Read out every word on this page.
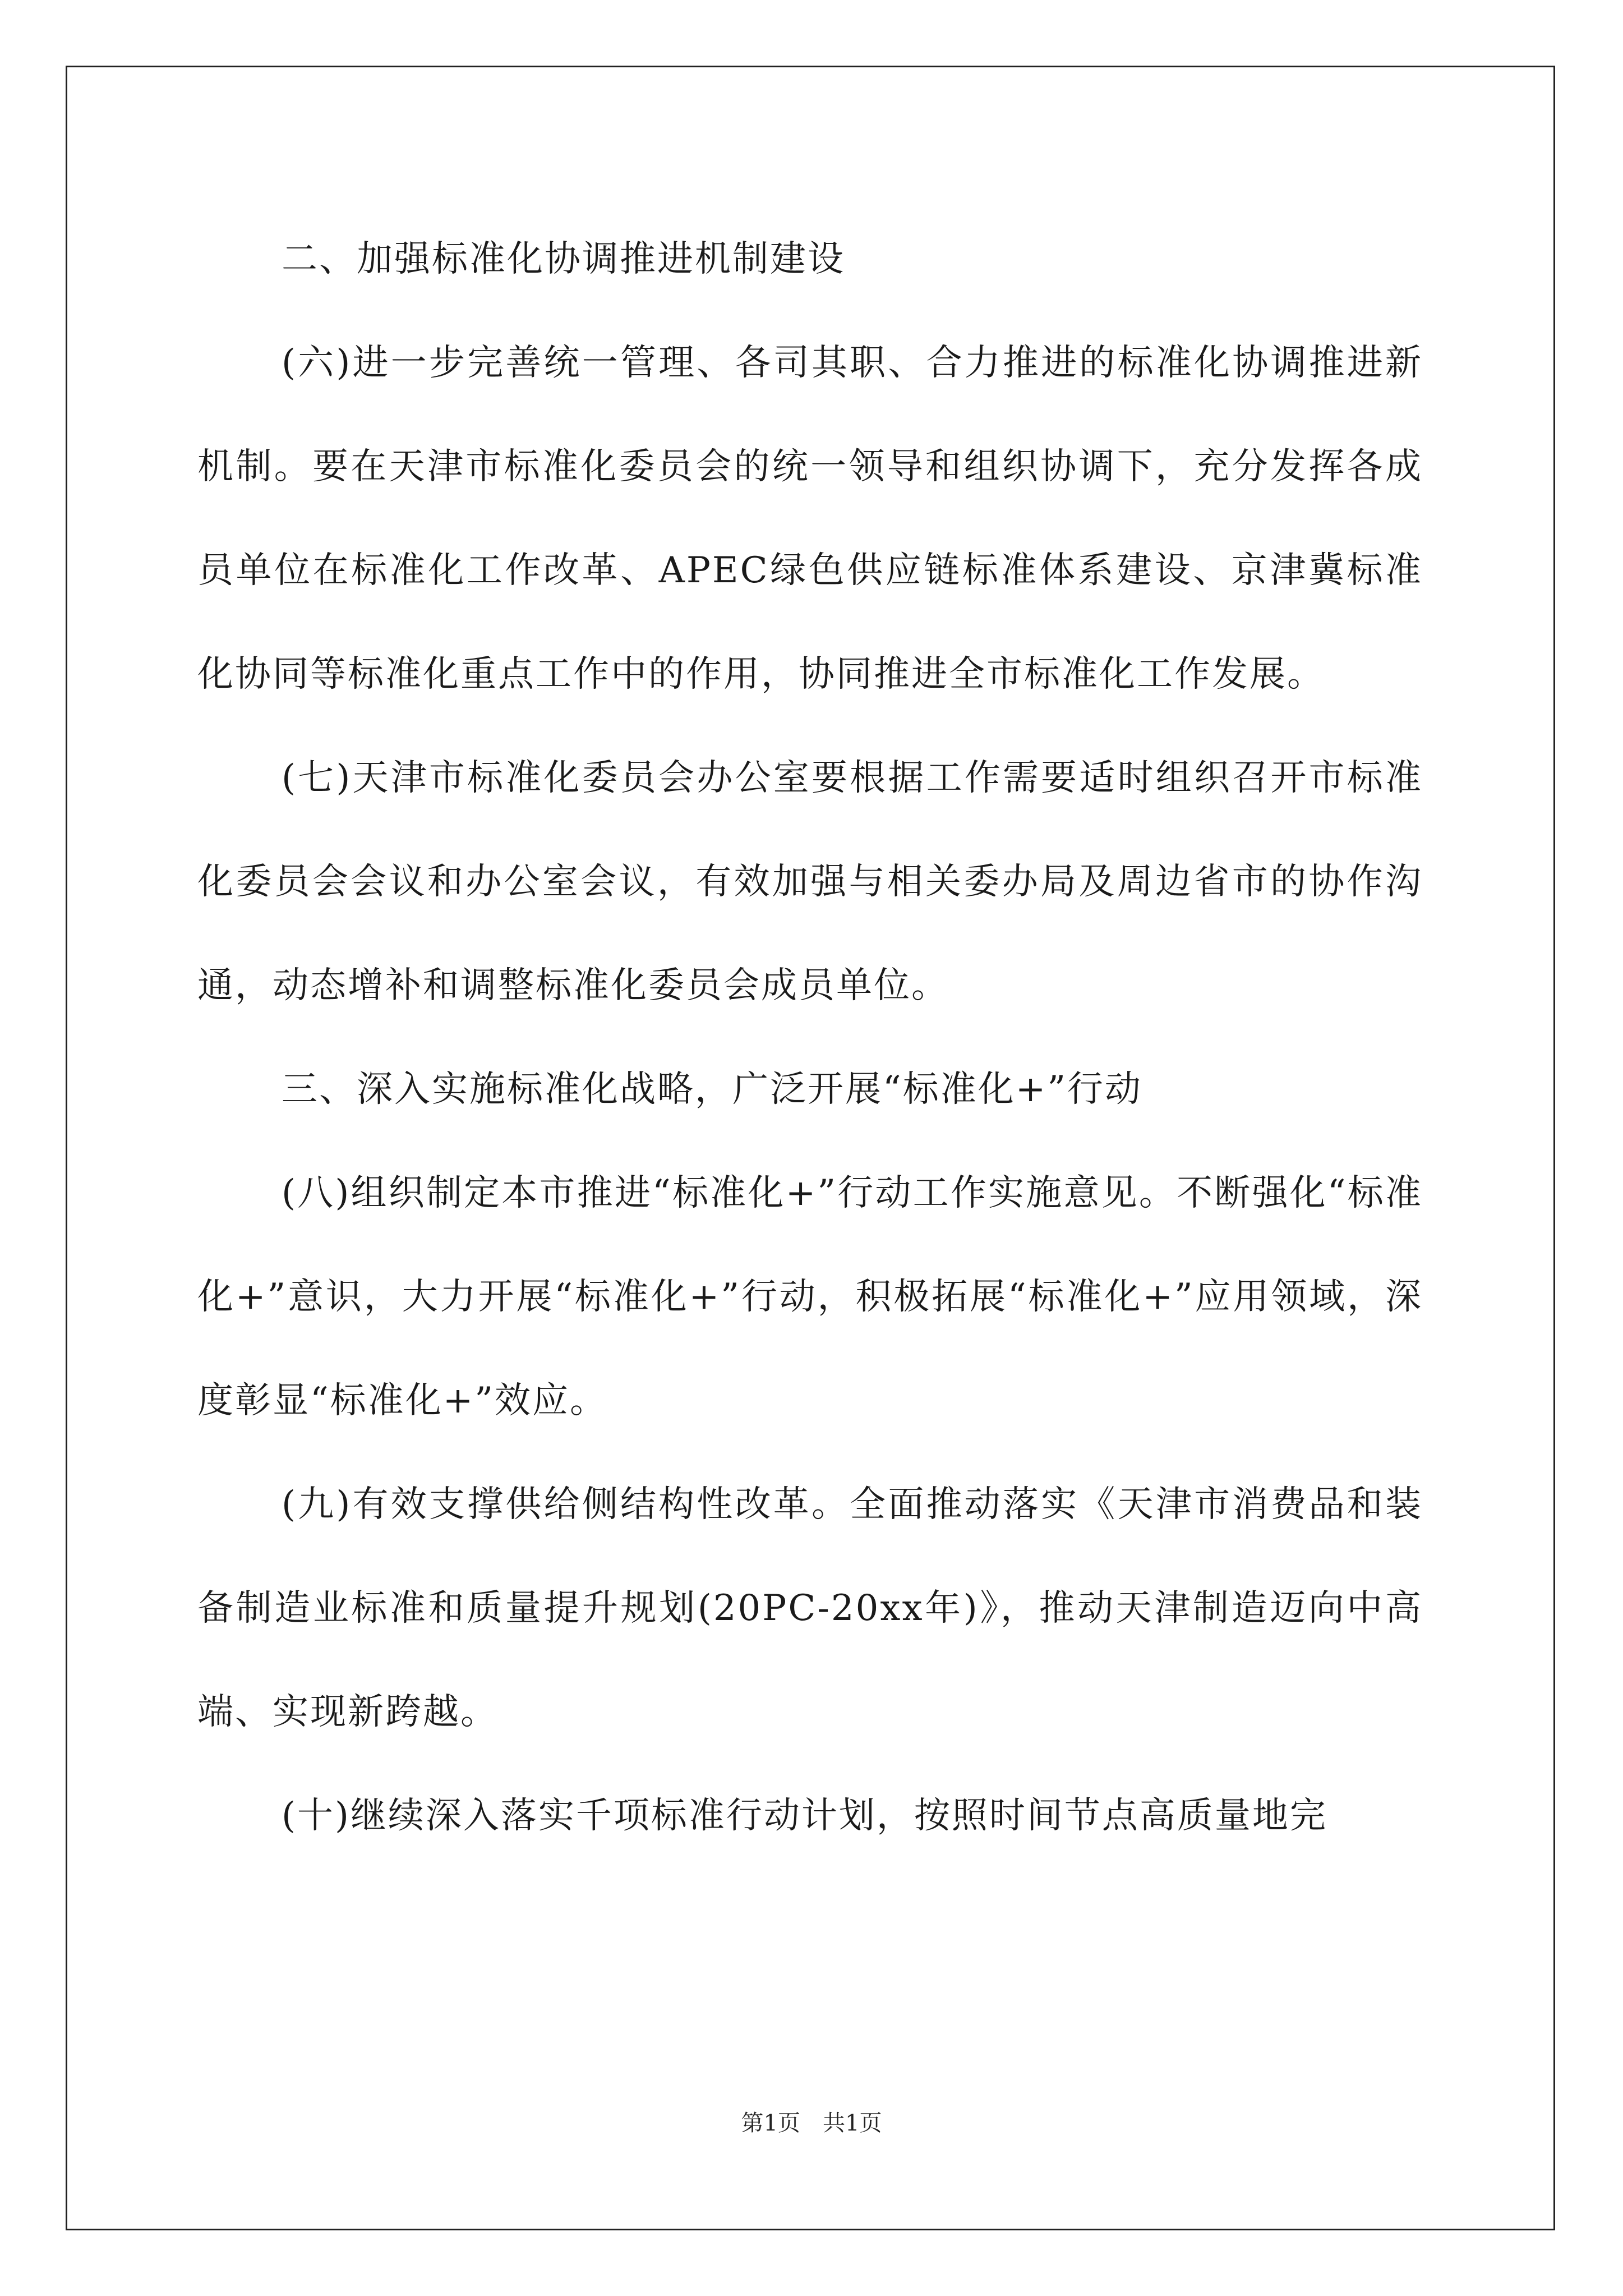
二、加强标准化协调推进机制建设

(六)进一步完善统一管理、各司其职、合力推进的标准化协调推进新机制。要在天津市标准化委员会的统一领导和组织协调下，充分发挥各成员单位在标准化工作改革、APEC绿色供应链标准体系建设、京津冀标准化协同等标准化重点工作中的作用，协同推进全市标准化工作发展。

(七)天津市标准化委员会办公室要根据工作需要适时组织召开市标准化委员会会议和办公室会议，有效加强与相关委办局及周边省市的协作沟通，动态增补和调整标准化委员会成员单位。

三、深入实施标准化战略，广泛开展“标准化+”行动

(八)组织制定本市推进“标准化+”行动工作实施意见。不断强化“标准化+”意识，大力开展“标准化+”行动，积极拓展“标准化+”应用领域，深度彰显“标准化+”效应。

(九)有效支撑供给侧结构性改革。全面推动落实《天津市消费品和装备制造业标准和质量提升规划(20PC-20xx年)》，推动天津制造迈向中高端、实现新跨越。

(十)继续深入落实千项标准行动计划，按照时间节点高质量地完

第1页 共1页
